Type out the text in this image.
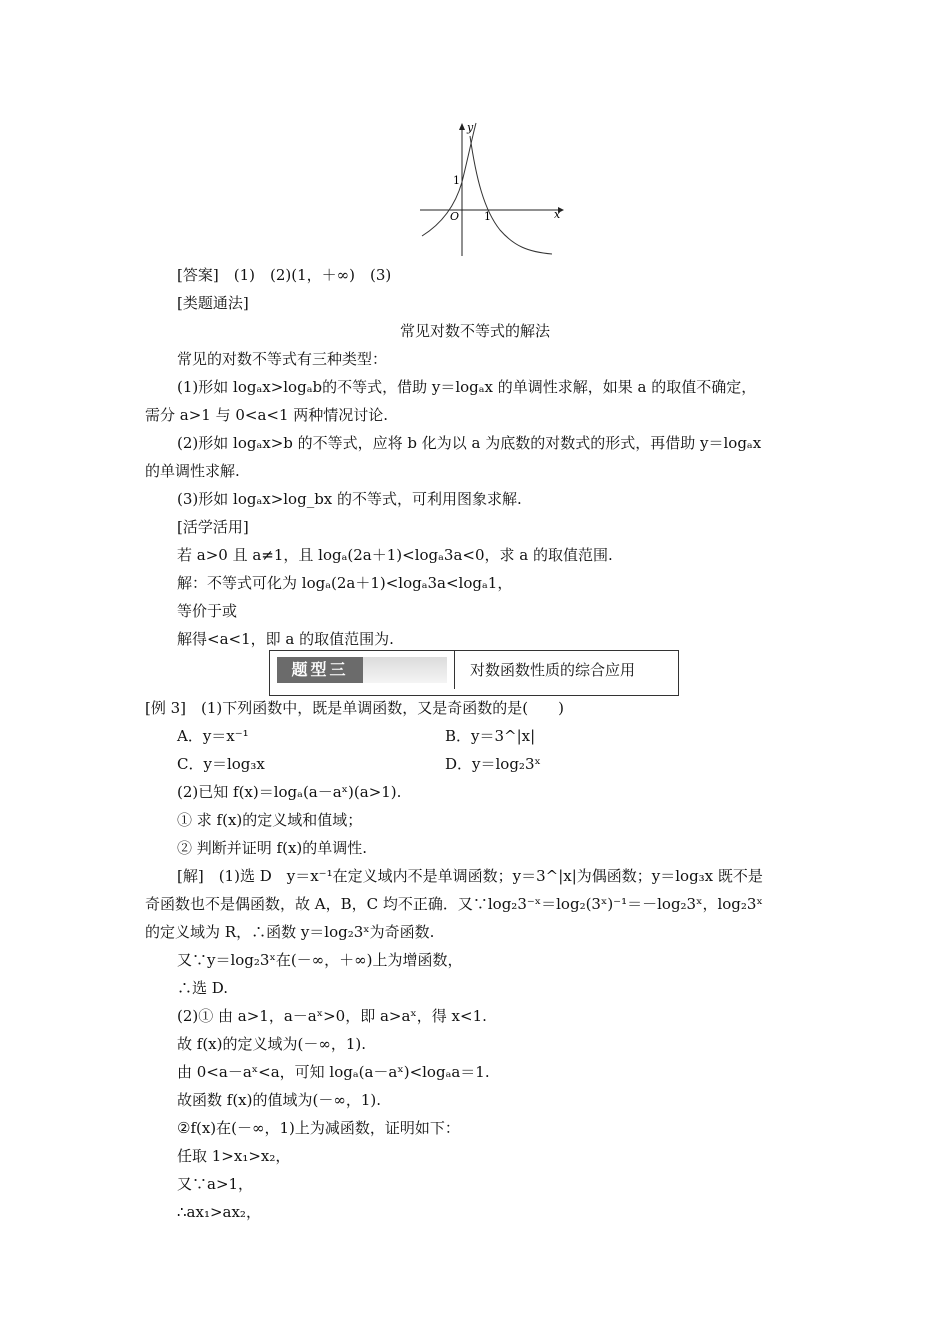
y
x
O
1
1
[答案]　 (1)　(2)(1，＋∞)　(3)
[类题通法]
常见对数不等式的解法
常见的对数不等式有三种类型：
(1)形如 logₐx>logₐb的不等式，借助 y＝logₐx 的单调性求解，如果 a 的取值不确定，
需分 a>1 与 0<a<1 两种情况讨论.
(2)形如 logₐx>b 的不等式，应将 b 化为以 a 为底数的对数式的形式，再借助 y＝logₐx
的单调性求解.
(3)形如 logₐx>log_bx 的不等式，可利用图象求解.
[活学活用]
若 a>0 且 a≠1，且 logₐ(2a＋1)<logₐ3a<0，求 a 的取值范围.
解：不等式可化为 logₐ(2a＋1)<logₐ3a<logₐ1，
等价于或
解得<a<1，即 a 的取值范围为.
题型三	对数函数性质的综合应用
[例 3]　(1)下列函数中，既是单调函数，又是奇函数的是(　　)
A．y＝x⁻¹	B．y＝3^|x|
C．y＝log₃x	D．y＝log₂3ˣ
(2)已知 f(x)＝logₐ(a－aˣ)(a>1).
① 求 f(x)的定义域和值域；
② 判断并证明 f(x)的单调性.
[解]　(1)选 D　y＝x⁻¹在定义域内不是单调函数；y＝3^|x|为偶函数；y＝log₃x 既不是
奇函数也不是偶函数，故 A，B，C 均不正确．又∵log₂3⁻ˣ＝log₂(3ˣ)⁻¹＝－log₂3ˣ，log₂3ˣ
的定义域为 R，∴函数 y＝log₂3ˣ为奇函数.
又∵y＝log₂3ˣ在(－∞，＋∞)上为增函数，
∴选 D.
(2)① 由 a>1，a－aˣ>0，即 a>aˣ，得 x<1.
故 f(x)的定义域为(－∞，1).
由 0<a－aˣ<a，可知 logₐ(a－aˣ)<logₐa＝1.
故函数 f(x)的值域为(－∞，1).
②f(x)在(－∞，1)上为减函数，证明如下：
任取 1>x₁>x₂，
又∵a>1，
∴ax₁>ax₂，
